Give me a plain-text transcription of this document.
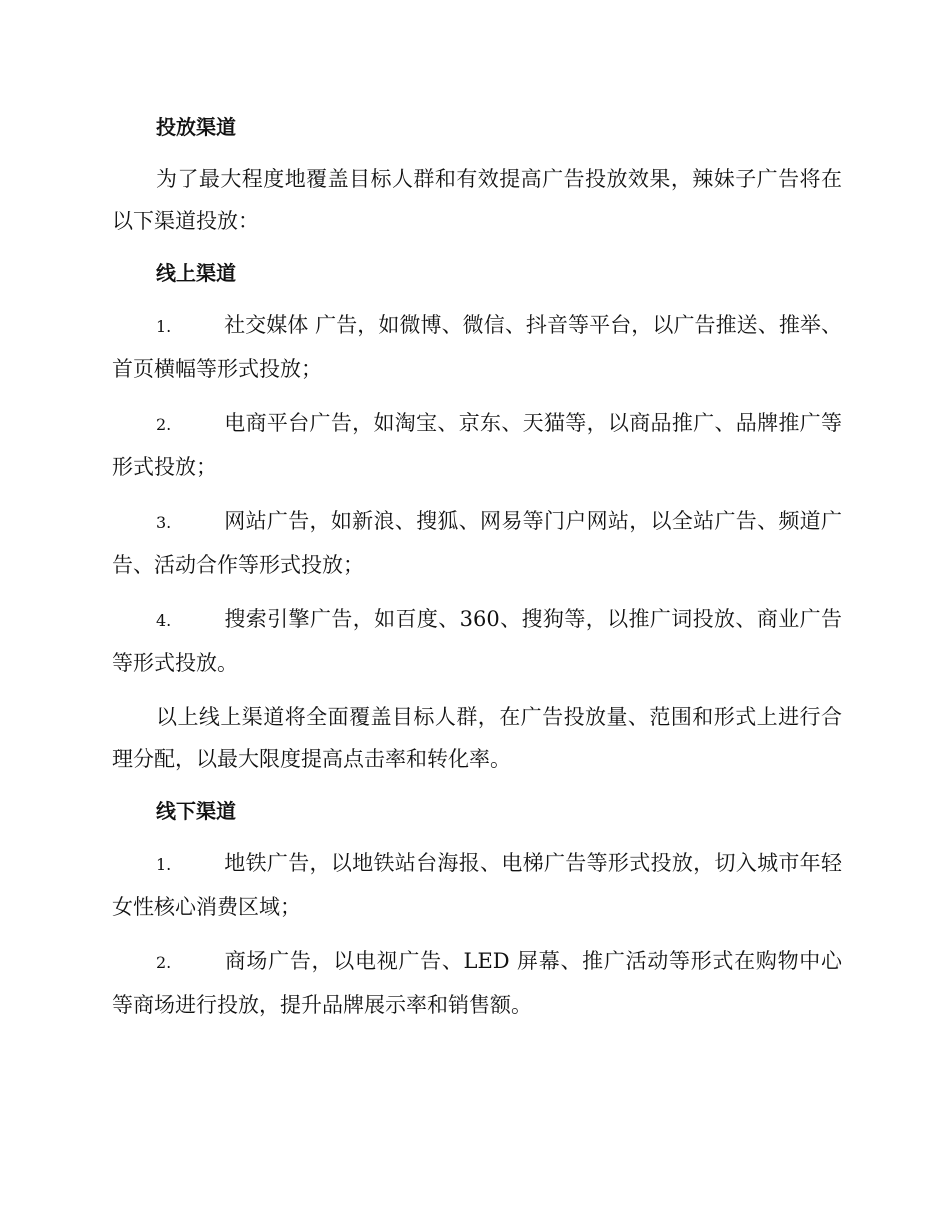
投放渠道

为了最大程度地覆盖目标人群和有效提高广告投放效果，辣妹子广告将在以下渠道投放：

线上渠道

1.	社交媒体 广告，如微博、微信、抖音等平台，以广告推送、推举、首页横幅等形式投放；

2.	电商平台广告，如淘宝、京东、天猫等，以商品推广、品牌推广等形式投放；

3.	网站广告，如新浪、搜狐、网易等门户网站，以全站广告、频道广告、活动合作等形式投放；

4.	搜索引擎广告，如百度、360、搜狗等，以推广词投放、商业广告等形式投放。

以上线上渠道将全面覆盖目标人群，在广告投放量、范围和形式上进行合理分配，以最大限度提高点击率和转化率。

线下渠道

1.	地铁广告，以地铁站台海报、电梯广告等形式投放，切入城市年轻女性核心消费区域；

2.	商场广告，以电视广告、LED 屏幕、推广活动等形式在购物中心等商场进行投放，提升品牌展示率和销售额。
